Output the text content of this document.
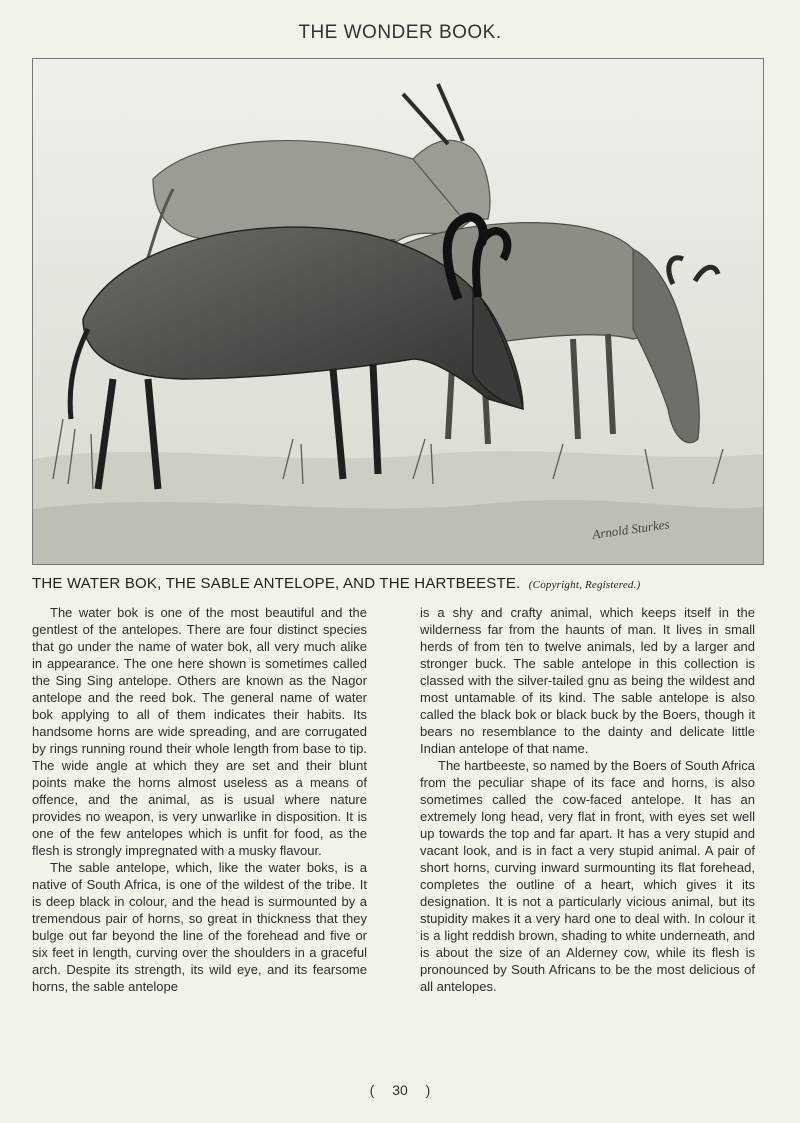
THE WONDER BOOK.
Arnold Sturkes
THE WATER BOK, THE SABLE ANTELOPE, AND THE HARTBEESTE. (Copyright, Registered.)

The water bok is one of the most beautiful and the gentlest of the antelopes. There are four distinct species that go under the name of water bok, all very much alike in appearance. The one here shown is sometimes called the Sing Sing antelope. Others are known as the Nagor antelope and the reed bok. The general name of water bok applying to all of them indicates their habits. Its handsome horns are wide spreading, and are corrugated by rings running round their whole length from base to tip. The wide angle at which they are set and their blunt points make the horns almost useless as a means of offence, and the animal, as is usual where nature provides no weapon, is very unwarlike in disposition. It is one of the few antelopes which is unfit for food, as the flesh is strongly impregnated with a musky flavour.

The sable antelope, which, like the water boks, is a native of South Africa, is one of the wildest of the tribe. It is deep black in colour, and the head is surmounted by a tremendous pair of horns, so great in thickness that they bulge out far beyond the line of the forehead and five or six feet in length, curving over the shoulders in a graceful arch. Despite its strength, its wild eye, and its fearsome horns, the sable antelope

is a shy and crafty animal, which keeps itself in the wilderness far from the haunts of man. It lives in small herds of from ten to twelve animals, led by a larger and stronger buck. The sable antelope in this collection is classed with the silver-tailed gnu as being the wildest and most untamable of its kind. The sable antelope is also called the black bok or black buck by the Boers, though it bears no resemblance to the dainty and delicate little Indian antelope of that name.

The hartbeeste, so named by the Boers of South Africa from the peculiar shape of its face and horns, is also sometimes called the cow-faced antelope. It has an extremely long head, very flat in front, with eyes set well up towards the top and far apart. It has a very stupid and vacant look, and is in fact a very stupid animal. A pair of short horns, curving inward surmounting its flat forehead, completes the outline of a heart, which gives it its designation. It is not a particularly vicious animal, but its stupidity makes it a very hard one to deal with. In colour it is a light reddish brown, shading to white underneath, and is about the size of an Alderney cow, while its flesh is pronounced by South Africans to be the most delicious of all antelopes.

( 30 )
